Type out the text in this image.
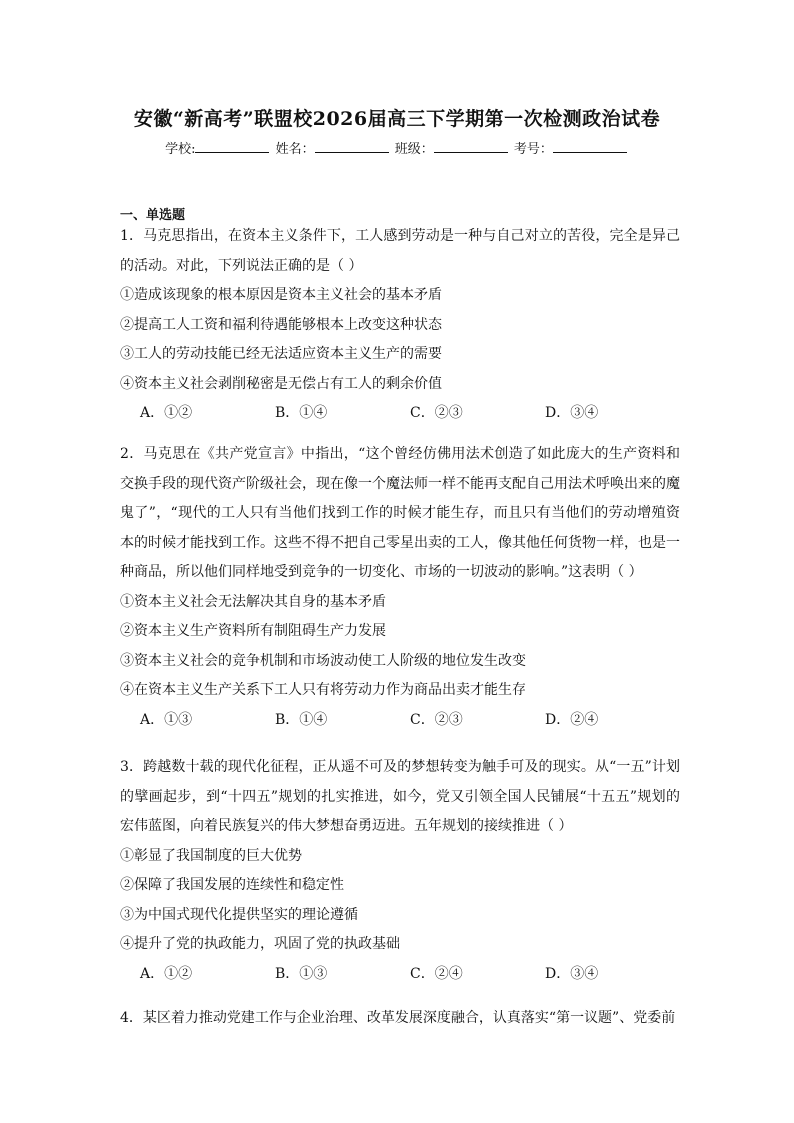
安徽“新高考”联盟校2026届高三下学期第一次检测政治试卷
学校:	姓名：	班级：	考号：
一、单选题

1．马克思指出，在资本主义条件下，工人感到劳动是一种与自己对立的苦役，完全是异己的活动。对此，下列说法正确的是（ ）

①造成该现象的根本原因是资本主义社会的基本矛盾

②提高工人工资和福利待遇能够根本上改变这种状态

③工人的劳动技能已经无法适应资本主义生产的需要

④资本主义社会剥削秘密是无偿占有工人的剩余价值

A．①②	B．①④	C．②③	D．③④

2．马克思在《共产党宣言》中指出，“这个曾经仿佛用法术创造了如此庞大的生产资料和交换手段的现代资产阶级社会，现在像一个魔法师一样不能再支配自己用法术呼唤出来的魔鬼了”，“现代的工人只有当他们找到工作的时候才能生存，而且只有当他们的劳动增殖资本的时候才能找到工作。这些不得不把自己零星出卖的工人，像其他任何货物一样，也是一种商品，所以他们同样地受到竞争的一切变化、市场的一切波动的影响。”这表明（ ）

①资本主义社会无法解决其自身的基本矛盾

②资本主义生产资料所有制阻碍生产力发展

③资本主义社会的竞争机制和市场波动使工人阶级的地位发生改变

④在资本主义生产关系下工人只有将劳动力作为商品出卖才能生存

A．①③	B．①④	C．②③	D．②④

3．跨越数十载的现代化征程，正从遥不可及的梦想转变为触手可及的现实。从“一五”计划的擘画起步，到“十四五”规划的扎实推进，如今，党又引领全国人民铺展“十五五”规划的宏伟蓝图，向着民族复兴的伟大梦想奋勇迈进。五年规划的接续推进（ ）

①彰显了我国制度的巨大优势

②保障了我国发展的连续性和稳定性

③为中国式现代化提供坚实的理论遵循

④提升了党的执政能力，巩固了党的执政基础

A．①②	B．①③	C．②④	D．③④

4．某区着力推动党建工作与企业治理、改革发展深度融合，认真落实“第一议题”、党委前
